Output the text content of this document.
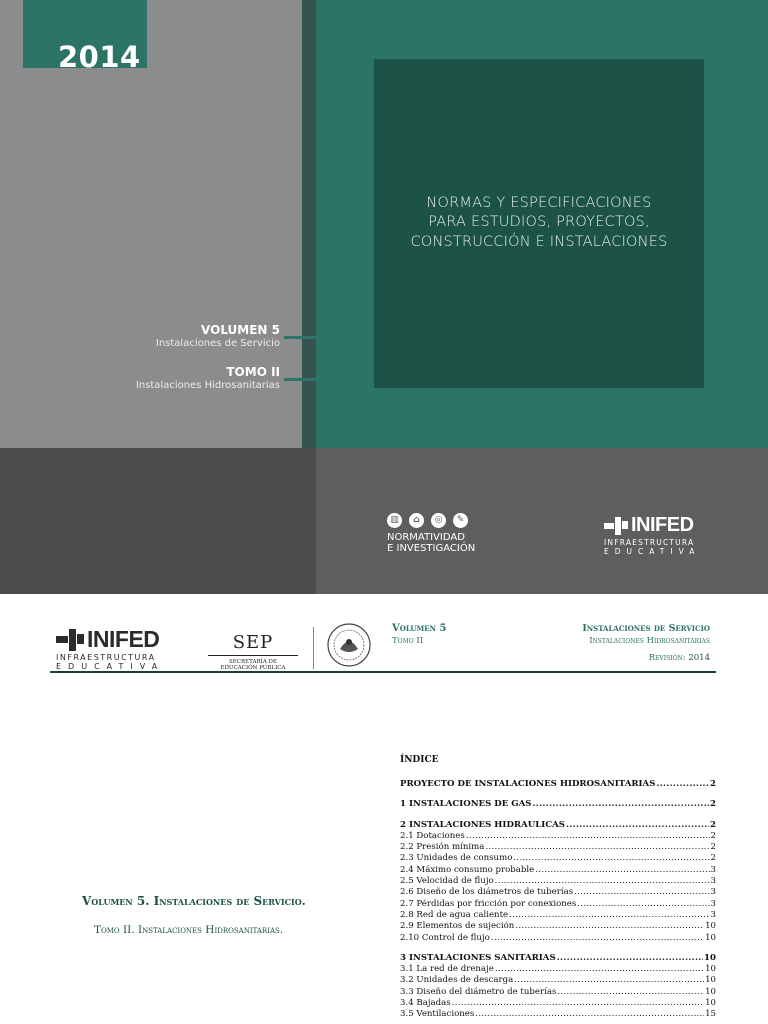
2014
NORMAS Y ESPECIFICACIONES
PARA ESTUDIOS, PROYECTOS,
CONSTRUCCIÓN E INSTALACIONES
VOLUMEN 5
Instalaciones de Servicio
TOMO II
Instalaciones Hidrosanitarias
▥	⌂	◎	✎
NORMATIVIDAD
E INVESTIGACIÓN
INIFED
INFRAESTRUCTURA
EDUCATIVA
INIFED
INFRAESTRUCTURA
EDUCATIVA
SEP
SECRETARÍA DE
EDUCACIÓN PÚBLICA
Volumen 5
Tomo II
Instalaciones de Servicio
Instalaciones Hidrosanitarias
Revisión: 2014
Volumen 5. Instalaciones de Servicio.
Tomo II. Instalaciones Hidrosanitarias.
ÍNDICE
PROYECTO DE INSTALACIONES HIDROSANITARIAS .....	2
1 INSTALACIONES DE GAS .....	2
2 INSTALACIONES HIDRAULICAS .....	2
2.1 Dotaciones .....	2
2.2 Presión mínima .....	2
2.3 Unidades de consumo .....	2
2.4 Máximo consumo probable .....	3
2.5 Velocidad de flujo .....	3
2.6 Diseño de los diámetros de tuberías .....	3
2.7 Pérdidas por fricción por conexiones .....	3
2.8 Red de agua caliente .....	3
2.9 Elementos de sujeción .....	10
2.10 Control de flujo .....	10
3 INSTALACIONES SANITARIAS .....	10
3.1 La red de drenaje .....	10
3.2 Unidades de descarga .....	10
3.3 Diseño del diámetro de tuberías .....	10
3.4 Bajadas .....	10
3.5 Ventilaciones .....	15
